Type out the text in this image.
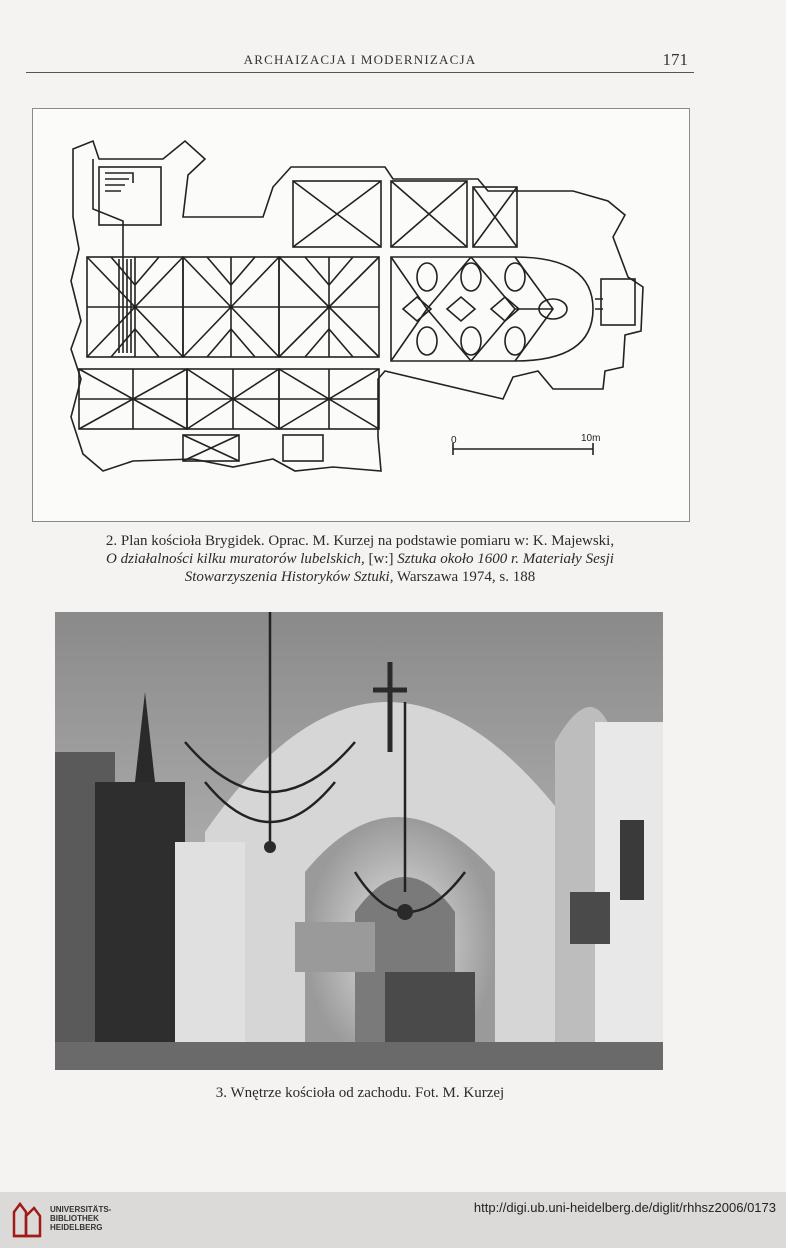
ARCHAIZACJA I MODERNIZACJA	171
0	10m
2. Plan kościoła Brygidek. Oprac. M. Kurzej na podstawie pomiaru w: K. Majewski,
O działalności kilku muratorów lubelskich, [w:] Sztuka około 1600 r. Materiały Sesji
Stowarzyszenia Historyków Sztuki, Warszawa 1974, s. 188
3. Wnętrze kościoła od zachodu. Fot. M. Kurzej
UNIVERSITÄTS-
BIBLIOTHEK
HEIDELBERG
http://digi.ub.uni-heidelberg.de/diglit/rhhsz2006/0173
